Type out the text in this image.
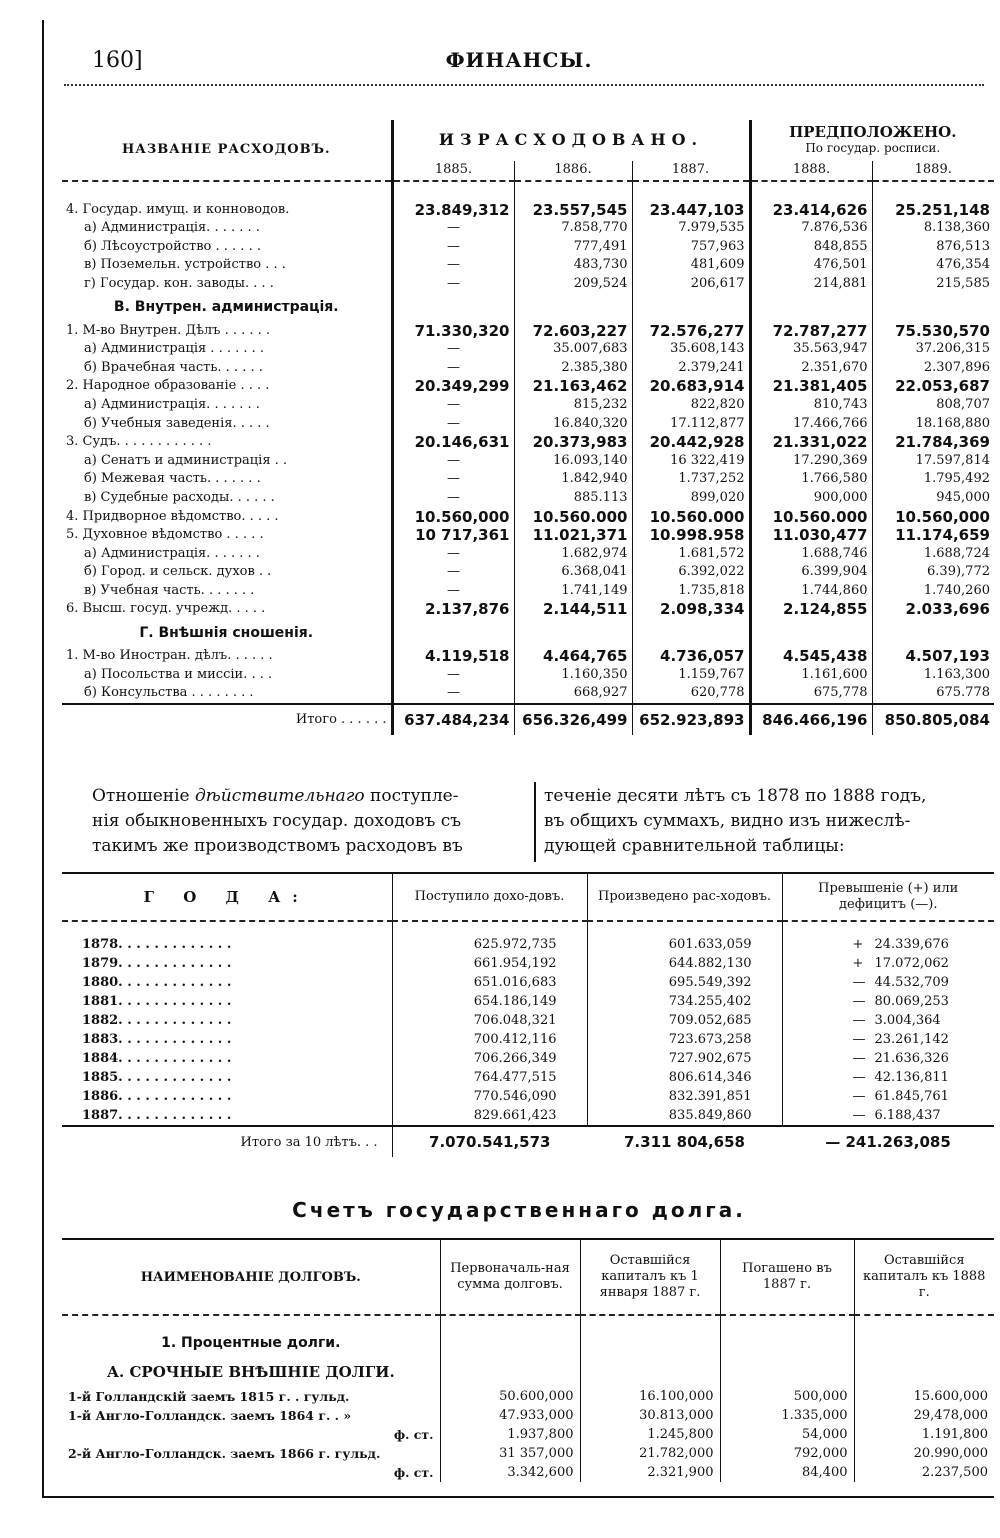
160]	ФИНАНСЫ.
НАЗВАНІЕ РАСХОДОВЪ.	ИЗРАСХОДОВАНО.			ПРЕДПОЛОЖЕНО.
По государ. росписи.	

	1885.	1886.	1887.	1888.	1889.

4. Государ. имущ. и конноводов.	23.849,312	23.557,545	23.447,103	23.414,626	25.251,148
а) Администрація. . . . . . .	—	7.858,770	7.979,535	7.876,536	8.138,360
б) Лѣсоустройство . . . . . .	—	777,491	757,963	848,855	876,513
в) Поземельн. устройство . . .	—	483,730	481,609	476,501	476,354
г) Государ. кон. заводы. . . .	—	209,524	206,617	214,881	215,585
В. Внутрен. администрація.					
1. М-во Внутрен. Дѣлъ . . . . . .	71.330,320	72.603,227	72.576,277	72.787,277	75.530,570
а) Администрація . . . . . . .	—	35.007,683	35.608,143	35.563,947	37.206,315
б) Врачебная часть. . . . . .	—	2.385,380	2.379,241	2.351,670	2.307,896
2. Народное образованіе . . . .	20.349,299	21.163,462	20.683,914	21.381,405	22.053,687
а) Администрація. . . . . . .	—	815,232	822,820	810,743	808,707
б) Учебныя заведенія. . . . .	—	16.840,320	17.112,877	17.466,766	18.168,880
3. Судъ. . . . . . . . . . . .	20.146,631	20.373,983	20.442,928	21.331,022	21.784,369
а) Сенатъ и администрація . .	—	16.093,140	16 322,419	17.290,369	17.597,814
б) Межевая часть. . . . . . .	—	1.842,940	1.737,252	1.766,580	1.795,492
в) Судебные расходы. . . . . .	—	885.113	899,020	900,000	945,000
4. Придворное вѣдомство. . . . .	10.560,000	10.560.000	10.560.000	10.560.000	10.560,000
5. Духовное вѣдомство . . . . .	10 717,361	11.021,371	10.998.958	11.030,477	11.174,659
а) Администрація. . . . . . .	—	1.682,974	1.681,572	1.688,746	1.688,724
б) Город. и сельск. духов . .	—	6.368,041	6.392,022	6.399,904	6.39),772
в) Учебная часть. . . . . . .	—	1.741,149	1.735,818	1.744,860	1.740,260
6. Высш. госуд. учрежд. . . . .	2.137,876	2.144,511	2.098,334	2.124,855	2.033,696
Г. Внѣшнія сношенія.					
1. М-во Иностран. дѣлъ. . . . . .	4.119,518	4.464,765	4.736,057	4.545,438	4.507,193
а) Посольства и миссіи. . . .	—	1.160,350	1.159,767	1.161,600	1.163,300
б) Консульства . . . . . . . .	—	668,927	620,778	675,778	675.778
Итого . . . . . .	637.484,234	656.326,499	652.923,893	846.466,196	850.805,084
Отношеніе дѣйствительнаго поступле-
нія обыкновенныхъ государ. доходовъ съ
такимъ же производствомъ расходовъ въ
теченіе десяти лѣтъ съ 1878 по 1888 годъ,
въ общихъ суммахъ, видно изъ нижеслѣ-
дующей сравнительной таблицы:
Г О Д А:	Поступило дохо-довъ.	Произведено рас-ходовъ.	Превышеніе (+) или дефицитъ (—).

1878. . . . . . . . . . . . .	625.972,735	601.633,059	+ 24.339,676
1879. . . . . . . . . . . . .	661.954,192	644.882,130	+ 17.072,062
1880. . . . . . . . . . . . .	651.016,683	695.549,392	— 44.532,709
1881. . . . . . . . . . . . .	654.186,149	734.255,402	— 80.069,253
1882. . . . . . . . . . . . .	706.048,321	709.052,685	— 3.004,364
1883. . . . . . . . . . . . .	700.412,116	723.673,258	— 23.261,142
1884. . . . . . . . . . . . .	706.266,349	727.902,675	— 21.636,326
1885. . . . . . . . . . . . .	764.477,515	806.614,346	— 42.136,811
1886. . . . . . . . . . . . .	770.546,090	832.391,851	— 61.845,761
1887. . . . . . . . . . . . .	829.661,423	835.849,860	— 6.188,437
Итого за 10 лѣтъ. . .	7.070.541,573	7.311 804,658	— 241.263,085
Счетъ государственнаго долга.
НАИМЕНОВАНІЕ ДОЛГОВЪ.	Первоначаль-ная сумма долговъ.	Оставшійся капиталъ къ 1 января 1887 г.	Погашено въ 1887 г.	Оставшійся капиталъ къ 1888 г.

1. Процентные долги.				
А. СРОЧНЫЕ ВНѢШНІЕ ДОЛГИ.				
1-й Голландскій заемъ 1815 г. . гульд.	50.600,000	16.100,000	500,000	15.600,000
1-й Англо-Голландск. заемъ 1864 г. . »	47.933,000	30.813,000	1.335,000	29,478,000
ф. ст.	1.937,800	1.245,800	54,000	1.191,800
2-й Англо-Голландск. заемъ 1866 г. гульд.	31 357,000	21.782,000	792,000	20.990,000
ф. ст.	3.342,600	2.321,900	84,400	2.237,500
